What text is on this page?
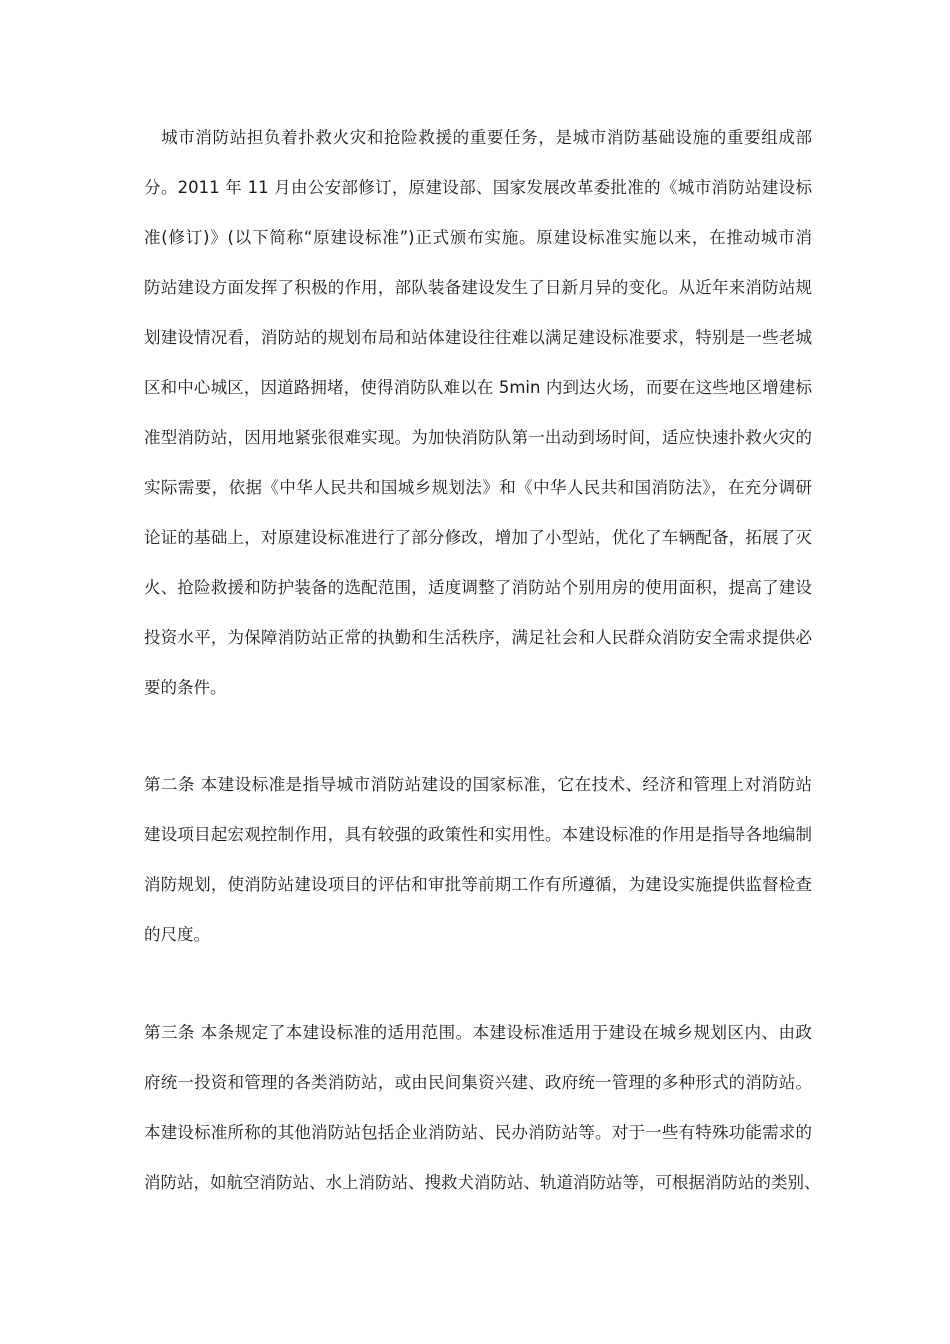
　城市消防站担负着扑救火灾和抢险救援的重要任务，是城市消防基础设施的重要组成部
分。2011 年 11 月由公安部修订，原建设部、国家发展改革委批准的《城市消防站建设标
准(修订)》(以下简称“原建设标准”)正式颁布实施。原建设标准实施以来，在推动城市消
防站建设方面发挥了积极的作用，部队装备建设发生了日新月异的变化。从近年来消防站规
划建设情况看，消防站的规划布局和站体建设往往难以满足建设标准要求，特别是一些老城
区和中心城区，因道路拥堵，使得消防队难以在 5min 内到达火场，而要在这些地区增建标
准型消防站，因用地紧张很难实现。为加快消防队第一出动到场时间，适应快速扑救火灾的
实际需要，依据《中华人民共和国城乡规划法》和《中华人民共和国消防法》，在充分调研
论证的基础上，对原建设标准进行了部分修改，增加了小型站，优化了车辆配备，拓展了灭
火、抢险救援和防护装备的选配范围，适度调整了消防站个别用房的使用面积，提高了建设
投资水平，为保障消防站正常的执勤和生活秩序，满足社会和人民群众消防安全需求提供必
要的条件。
第二条 本建设标准是指导城市消防站建设的国家标准，它在技术、经济和管理上对消防站
建设项目起宏观控制作用，具有较强的政策性和实用性。本建设标准的作用是指导各地编制
消防规划，使消防站建设项目的评估和审批等前期工作有所遵循，为建设实施提供监督检查
的尺度。
第三条 本条规定了本建设标准的适用范围。本建设标准适用于建设在城乡规划区内、由政
府统一投资和管理的各类消防站，或由民间集资兴建、政府统一管理的多种形式的消防站。
本建设标准所称的其他消防站包括企业消防站、民办消防站等。对于一些有特殊功能需求的
消防站，如航空消防站、水上消防站、搜救犬消防站、轨道消防站等，可根据消防站的类别、
